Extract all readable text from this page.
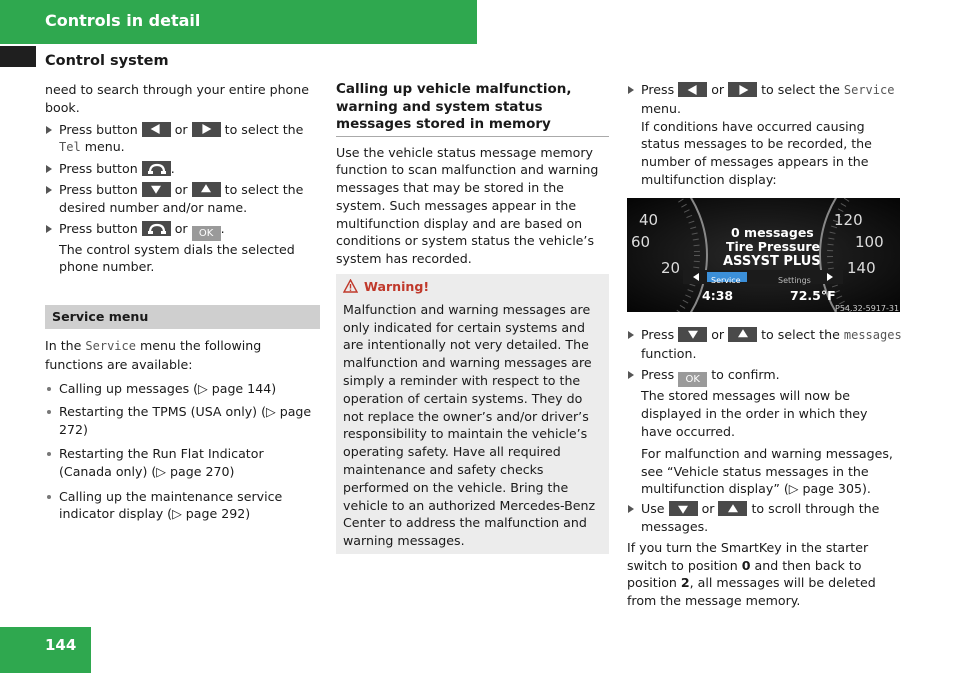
Controls in detail
Control system

need to search through your entire phone book.

Press button	or	to select the Tel menu.
Press button	.
Press button	or	to select the desired number and/or name.
Press button	or OK .
The control system dials the selected phone number.
Service menu

In the Service menu the following functions are available:

Calling up messages (▷ page 144)
Restarting the TPMS (USA only) (▷ page 272)
Restarting the Run Flat Indicator (Canada only) (▷ page 270)
Calling up the maintenance service indicator display (▷ page 292)
Calling up vehicle malfunction, warning and system status messages stored in memory

Use the vehicle status message memory function to scan malfunction and warning messages that may be stored in the system. Such messages appear in the multifunction display and are based on conditions or system status the vehicle’s system has recorded.

Warning!

Malfunction and warning messages are only indicated for certain systems and are intentionally not very detailed. The malfunction and warning messages are simply a reminder with respect to the operation of certain systems. They do not replace the owner’s and/or driver’s responsibility to maintain the vehicle’s operating safety. Have all required maintenance and safety checks performed on the vehicle. Bring the vehicle to an authorized Mercedes-Benz Center to address the malfunction and warning messages.

Press	or	to select the Service menu.
If conditions have occurred causing status messages to be recorded, the number of messages appears in the multifunction display:
40
60
20
120
100
140
0 messages
Tire Pressure
ASSYST PLUS
Service	Settings
4:38	72.5°F
P54.32-5917-31
Press	or	to select the messages function.
Press OK to confirm.
The stored messages will now be displayed in the order in which they have occurred.
For malfunction and warning messages, see “Vehicle status messages in the multifunction display” (▷ page 305).
Use	or	to scroll through the messages.

If you turn the SmartKey in the starter switch to position 0 and then back to position 2, all messages will be deleted from the message memory.

144
